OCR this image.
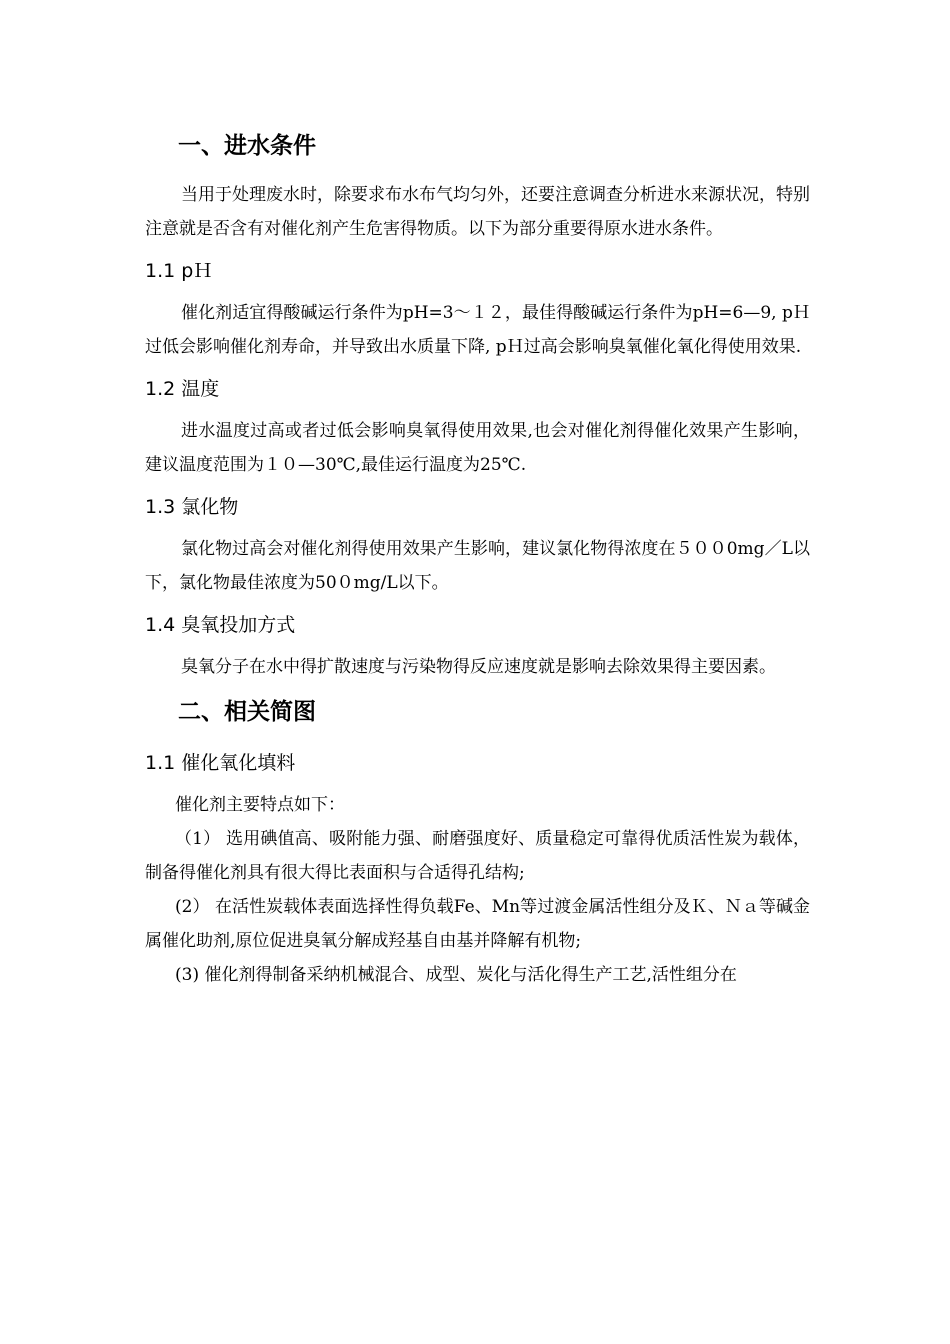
一、进水条件

当用于处理废水时，除要求布水布气均匀外，还要注意调查分析进水来源状况，特别注意就是否含有对催化剂产生危害得物质。以下为部分重要得原水进水条件。

1.1 pＨ

催化剂适宜得酸碱运行条件为pH=3～１２，最佳得酸碱运行条件为pH=6—9, pＨ过低会影响催化剂寿命，并导致出水质量下降, pＨ过高会影响臭氧催化氧化得使用效果.

1.2 温度

进水温度过高或者过低会影响臭氧得使用效果,也会对催化剂得催化效果产生影响，建议温度范围为１０—30℃,最佳运行温度为25℃.

1.3 氯化物

氯化物过高会对催化剂得使用效果产生影响，建议氯化物得浓度在５００0mg／L以下，氯化物最佳浓度为50０mg/L以下。

1.4 臭氧投加方式

臭氧分子在水中得扩散速度与污染物得反应速度就是影响去除效果得主要因素。

二、相关简图
1.1 催化氧化填料

催化剂主要特点如下：

（1） 选用碘值高、吸附能力强、耐磨强度好、质量稳定可靠得优质活性炭为载体，制备得催化剂具有很大得比表面积与合适得孔结构;

(2） 在活性炭载体表面选择性得负载Fe、Mn等过渡金属活性组分及Ｋ、Ｎａ等碱金属催化助剂,原位促进臭氧分解成羟基自由基并降解有机物;

(3) 催化剂得制备采纳机械混合、成型、炭化与活化得生产工艺,活性组分在
